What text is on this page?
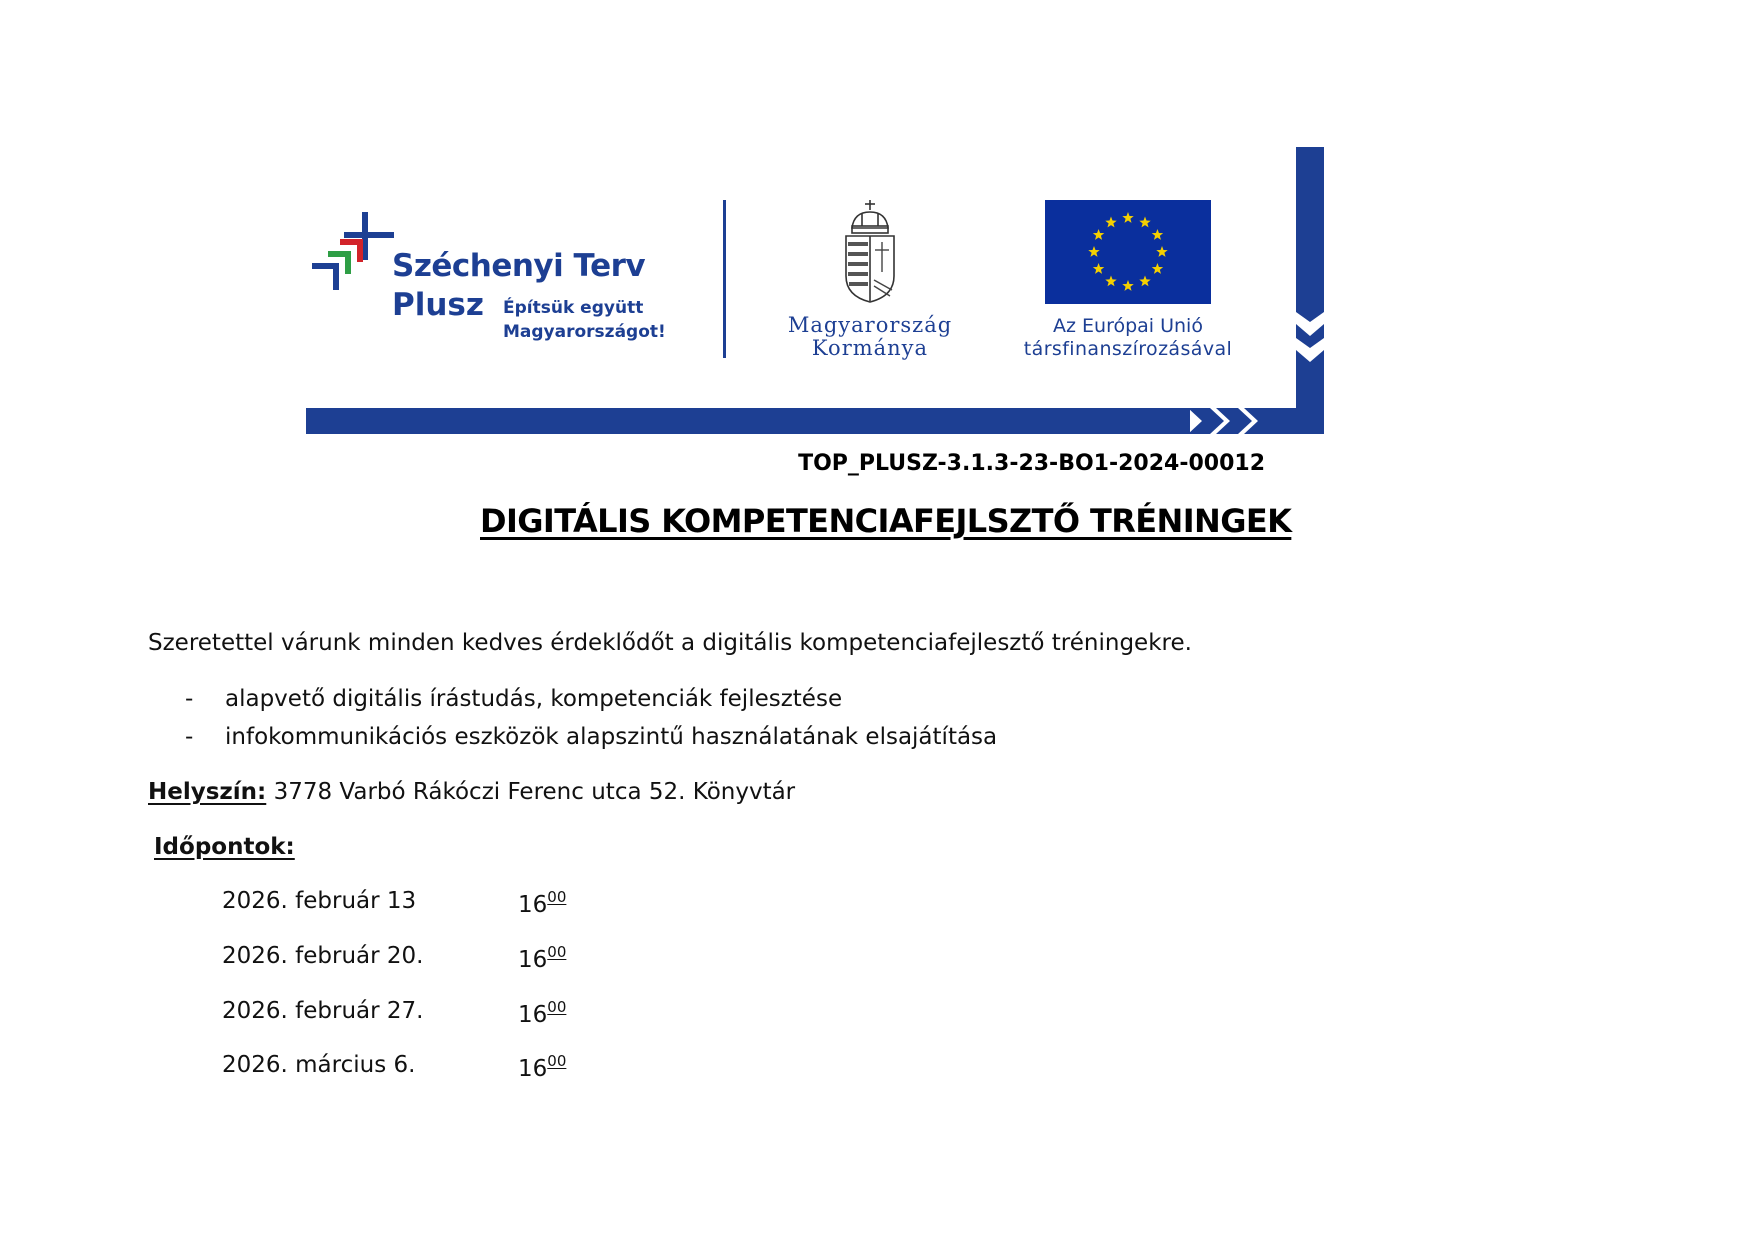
Széchenyi Terv
Plusz Építsük együtt
Magyarországot!	Magyarország
Kormánya
Az Európai Unió
társfinanszírozásával
TOP_PLUSZ-3.1.3-23-BO1-2024-00012
DIGITÁLIS KOMPETENCIAFEJLSZTŐ TRÉNINGEK
Szeretettel várunk minden kedves érdeklődőt a digitális kompetenciafejlesztő tréningekre.
- alapvető digitális írástudás, kompetenciák fejlesztése
- infokommunikációs eszközök alapszintű használatának elsajátítása
Helyszín: 3778 Varbó Rákóczi Ferenc utca 52. Könyvtár
Időpontok:
2026. február 13	$16^{00}$
2026. február 20.	$16^{00}$
2026. február 27.	$16^{00}$
2026. március 6.	$16^{00}$
